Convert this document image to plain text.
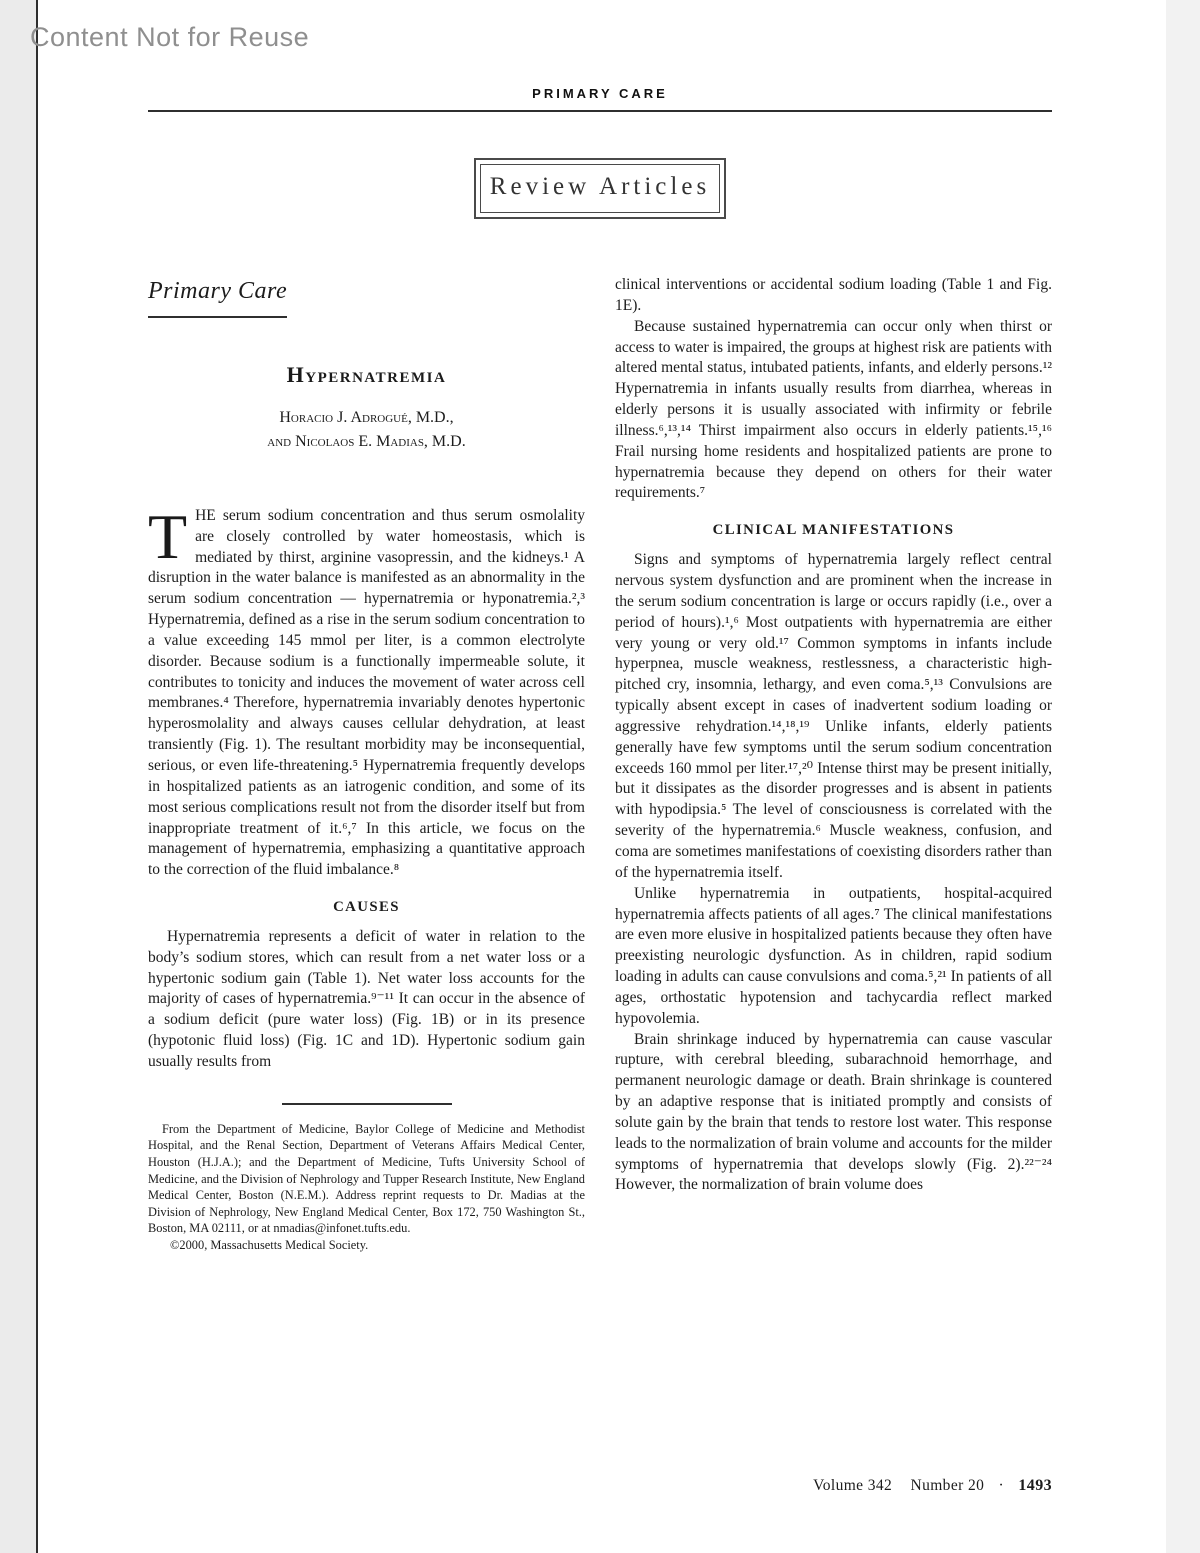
Content Not for Reuse
PRIMARY CARE
Review Articles
Primary Care
Hypernatremia
Horacio J. Adrogué, M.D.,
and Nicolaos E. Madias, M.D.

THE serum sodium concentration and thus serum osmolality are closely controlled by water homeostasis, which is mediated by thirst, arginine vasopressin, and the kidneys.¹ A disruption in the water balance is manifested as an abnormality in the serum sodium concentration — hypernatremia or hyponatremia.²,³ Hypernatremia, defined as a rise in the serum sodium concentration to a value exceeding 145 mmol per liter, is a common electrolyte disorder. Because sodium is a functionally impermeable solute, it contributes to tonicity and induces the movement of water across cell membranes.⁴ Therefore, hypernatremia invariably denotes hypertonic hyperosmolality and always causes cellular dehydration, at least transiently (Fig. 1). The resultant morbidity may be inconsequential, serious, or even life-threatening.⁵ Hypernatremia frequently develops in hospitalized patients as an iatrogenic condition, and some of its most serious complications result not from the disorder itself but from inappropriate treatment of it.⁶,⁷ In this article, we focus on the management of hypernatremia, emphasizing a quantitative approach to the correction of the fluid imbalance.⁸

CAUSES

Hypernatremia represents a deficit of water in relation to the body’s sodium stores, which can result from a net water loss or a hypertonic sodium gain (Table 1). Net water loss accounts for the majority of cases of hypernatremia.⁹⁻¹¹ It can occur in the absence of a sodium deficit (pure water loss) (Fig. 1B) or in its presence (hypotonic fluid loss) (Fig. 1C and 1D). Hypertonic sodium gain usually results from

From the Department of Medicine, Baylor College of Medicine and Methodist Hospital, and the Renal Section, Department of Veterans Affairs Medical Center, Houston (H.J.A.); and the Department of Medicine, Tufts University School of Medicine, and the Division of Nephrology and Tupper Research Institute, New England Medical Center, Boston (N.E.M.). Address reprint requests to Dr. Madias at the Division of Nephrology, New England Medical Center, Box 172, 750 Washington St., Boston, MA 02111, or at nmadias@infonet.tufts.edu.

©2000, Massachusetts Medical Society.

clinical interventions or accidental sodium loading (Table 1 and Fig. 1E).

Because sustained hypernatremia can occur only when thirst or access to water is impaired, the groups at highest risk are patients with altered mental status, intubated patients, infants, and elderly persons.¹² Hypernatremia in infants usually results from diarrhea, whereas in elderly persons it is usually associated with infirmity or febrile illness.⁶,¹³,¹⁴ Thirst impairment also occurs in elderly patients.¹⁵,¹⁶ Frail nursing home residents and hospitalized patients are prone to hypernatremia because they depend on others for their water requirements.⁷

CLINICAL MANIFESTATIONS

Signs and symptoms of hypernatremia largely reflect central nervous system dysfunction and are prominent when the increase in the serum sodium concentration is large or occurs rapidly (i.e., over a period of hours).¹,⁶ Most outpatients with hypernatremia are either very young or very old.¹⁷ Common symptoms in infants include hyperpnea, muscle weakness, restlessness, a characteristic high-pitched cry, insomnia, lethargy, and even coma.⁵,¹³ Convulsions are typically absent except in cases of inadvertent sodium loading or aggressive rehydration.¹⁴,¹⁸,¹⁹ Unlike infants, elderly patients generally have few symptoms until the serum sodium concentration exceeds 160 mmol per liter.¹⁷,²⁰ Intense thirst may be present initially, but it dissipates as the disorder progresses and is absent in patients with hypodipsia.⁵ The level of consciousness is correlated with the severity of the hypernatremia.⁶ Muscle weakness, confusion, and coma are sometimes manifestations of coexisting disorders rather than of the hypernatremia itself.

Unlike hypernatremia in outpatients, hospital-acquired hypernatremia affects patients of all ages.⁷ The clinical manifestations are even more elusive in hospitalized patients because they often have preexisting neurologic dysfunction. As in children, rapid sodium loading in adults can cause convulsions and coma.⁵,²¹ In patients of all ages, orthostatic hypotension and tachycardia reflect marked hypovolemia.

Brain shrinkage induced by hypernatremia can cause vascular rupture, with cerebral bleeding, subarachnoid hemorrhage, and permanent neurologic damage or death. Brain shrinkage is countered by an adaptive response that is initiated promptly and consists of solute gain by the brain that tends to restore lost water. This response leads to the normalization of brain volume and accounts for the milder symptoms of hypernatremia that develops slowly (Fig. 2).²²⁻²⁴ However, the normalization of brain volume does

Volume 342 Number 20 · 1493
